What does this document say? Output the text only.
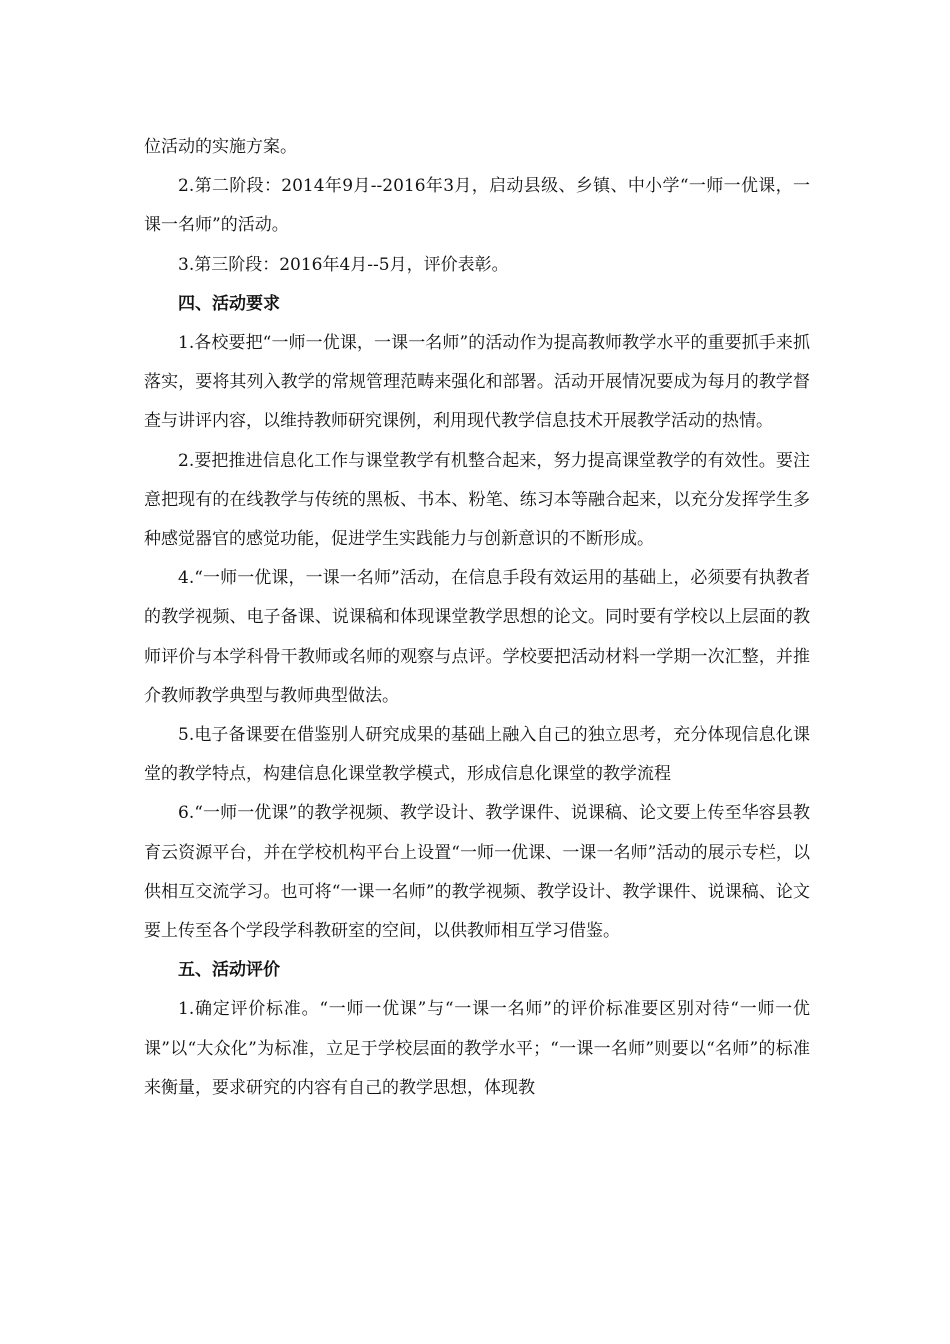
位活动的实施方案。

2.第二阶段：2014年9月--2016年3月，启动县级、乡镇、中小学“一师一优课，一课一名师”的活动。

3.第三阶段：2016年4月--5月，评价表彰。

四、活动要求

1.各校要把“一师一优课，一课一名师”的活动作为提高教师教学水平的重要抓手来抓落实，要将其列入教学的常规管理范畴来强化和部署。活动开展情况要成为每月的教学督查与讲评内容，以维持教师研究课例，利用现代教学信息技术开展教学活动的热情。

2.要把推进信息化工作与课堂教学有机整合起来，努力提高课堂教学的有效性。要注意把现有的在线教学与传统的黑板、书本、粉笔、练习本等融合起来，以充分发挥学生多种感觉器官的感觉功能，促进学生实践能力与创新意识的不断形成。

4.“一师一优课，一课一名师”活动，在信息手段有效运用的基础上，必须要有执教者的教学视频、电子备课、说课稿和体现课堂教学思想的论文。同时要有学校以上层面的教师评价与本学科骨干教师或名师的观察与点评。学校要把活动材料一学期一次汇整，并推介教师教学典型与教师典型做法。

5.电子备课要在借鉴别人研究成果的基础上融入自己的独立思考，充分体现信息化课堂的教学特点，构建信息化课堂教学模式，形成信息化课堂的教学流程

6.“一师一优课”的教学视频、教学设计、教学课件、说课稿、论文要上传至华容县教育云资源平台，并在学校机构平台上设置“一师一优课、一课一名师”活动的展示专栏，以供相互交流学习。也可将“一课一名师”的教学视频、教学设计、教学课件、说课稿、论文要上传至各个学段学科教研室的空间，以供教师相互学习借鉴。

五、活动评价

1.确定评价标准。“一师一优课”与“一课一名师”的评价标准要区别对待“一师一优课”以“大众化”为标准，立足于学校层面的教学水平；“一课一名师”则要以“名师”的标准来衡量，要求研究的内容有自己的教学思想，体现教
